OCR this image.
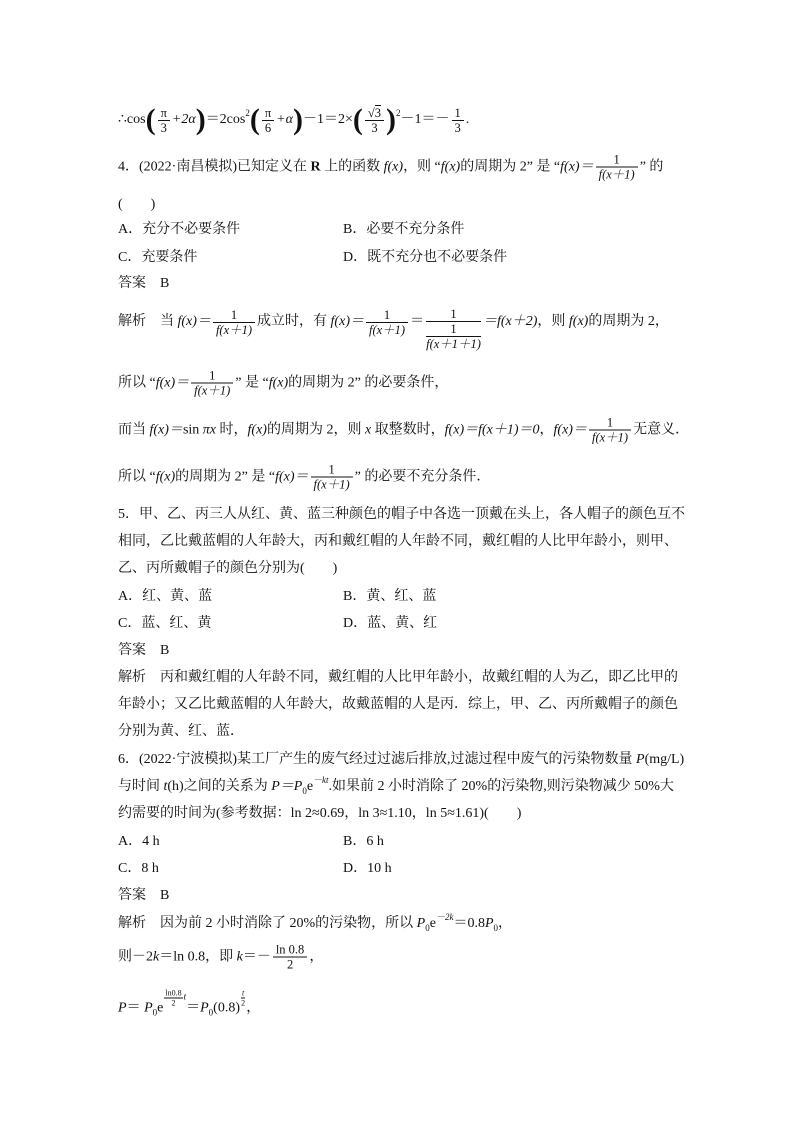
∴cos ( $\frac{\pi}{3} +2\alpha$ ) ＝2cos 2 ( $\frac{\pi}{6} +\alpha$ ) －1＝2× ( $\frac{√3}{3}$ ) $2 -1=- \frac{1}{3}$ .
4． (2022·南昌模拟) 已知定义在 R 上的函数 f(x) ，则 “ f(x) 的周期为 2” 是 “ $f(x)= \frac{1}{f(x+1)}$ ” 的
(　　)
A．充分不必要条件	B．必要不充分条件
C．充要条件	D．既不充分也不必要条件
答案 B
解析 　当 $f(x)= \frac{1}{f(x+1)}$ 成立时，有 $f(x)= \frac{1}{f(x+1)} = \frac{1}{\frac{1}{f(x+1+1)}} =f(x+2)$ ，则 f(x) 的周期为 2，
所以 “ $f(x)= \frac{1}{f(x+1)}$ ” 是 “ f(x) 的周期为 2” 的必要条件，
而当 f(x)＝ sin πx 时， f(x) 的周期为 2，则 x 取整数时， f(x)＝f(x＋1)＝0 ， $f(x)= \frac{1}{f(x+1)}$ 无意义．
所以 “ f(x) 的周期为 2” 是 “ $f(x)= \frac{1}{f(x+1)}$ ” 的必要不充分条件．
5． 甲、乙、丙三人从红、黄、蓝三种颜色的帽子中各选一顶戴在头上，各人帽子的颜色互不
相同，乙比戴蓝帽的人年龄大，丙和戴红帽的人年龄不同，戴红帽的人比甲年龄小，则甲、
乙、丙所戴帽子的颜色分别为(　　)
A．红、黄、蓝	B．黄、红、蓝
C．蓝、红、黄	D．蓝、黄、红
答案 B
解析 　丙和戴红帽的人年龄不同，戴红帽的人比甲年龄小，故戴红帽的人为乙，即乙比甲的
年龄小；又乙比戴蓝帽的人年龄大，故戴蓝帽的人是丙．综上，甲、乙、丙所戴帽子的颜色
分别为黄、红、蓝．
6． (2022·宁波模拟) 某工厂产生的废气经过过滤后排放,过滤过程中废气的污染物数量 P (mg/L)
与时间 t (h)之间的关系为 P＝P 0 e －kt .如果前 2 小时消除了 20%的污染物,则污染物减少 50%大
约需要的时间为(参考数据：ln 2≈0.69，ln 3≈1.10，ln 5≈1.61)(　　)
A．4 h	B．6 h
C．8 h	D．10 h
答案 B
解析 　因为前 2 小时消除了 20%的污染物，所以 P 0 e －2k ＝0.8 P 0 ，
则－2 k ＝ln 0.8，即 $k =- \frac{\ln 0.8}{2}$ ，
P ＝ P 0 e $\frac{\ln 0.8}{2}$ t
＝ P 0 $(0.8) \frac{t}{2}$ ，
